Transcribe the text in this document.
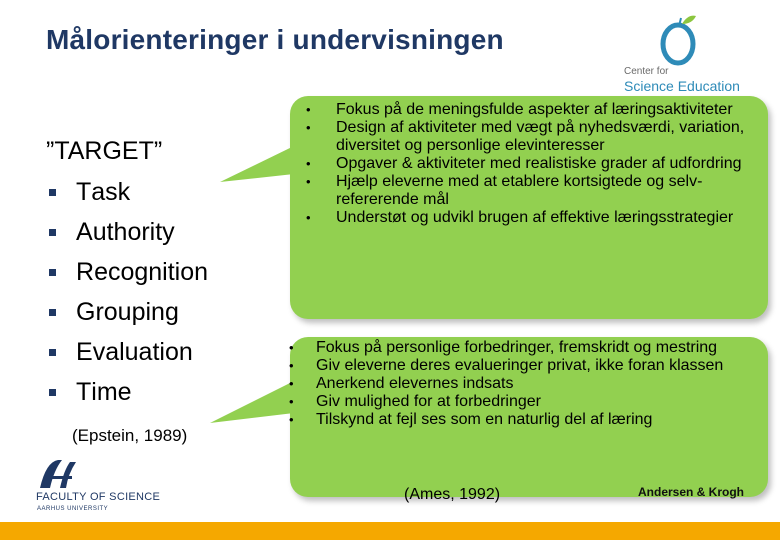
Målorienteringer i undervisningen
Center for
Science Education
”TARGET”
T ask
A uthority
R ecognition
G rouping
E valuation
T ime
(Epstein, 1989)
• Fokus på de meningsfulde aspekter af læringsaktiviteter
• Design af aktiviteter med vægt på nyhedsværdi, variation, diversitet og personlige elevinteresser
• Opgaver & aktiviteter med realistiske grader af udfordring
• Hjælp eleverne med at etablere kortsigtede og selv-refererende mål
• Understøt og udvikl brugen af effektive læringsstrategier
• Fokus på personlige forbedringer, fremskridt og mestring
• Giv eleverne deres evalueringer privat, ikke foran klassen
• Anerkend elevernes indsats
• Giv mulighed for at forbedringer
• Tilskynd at fejl ses som en naturlig del af læring
(Ames, 1992)	Andersen & Krogh
FACULTY OF SCIENCE
AARHUS UNIVERSITY
